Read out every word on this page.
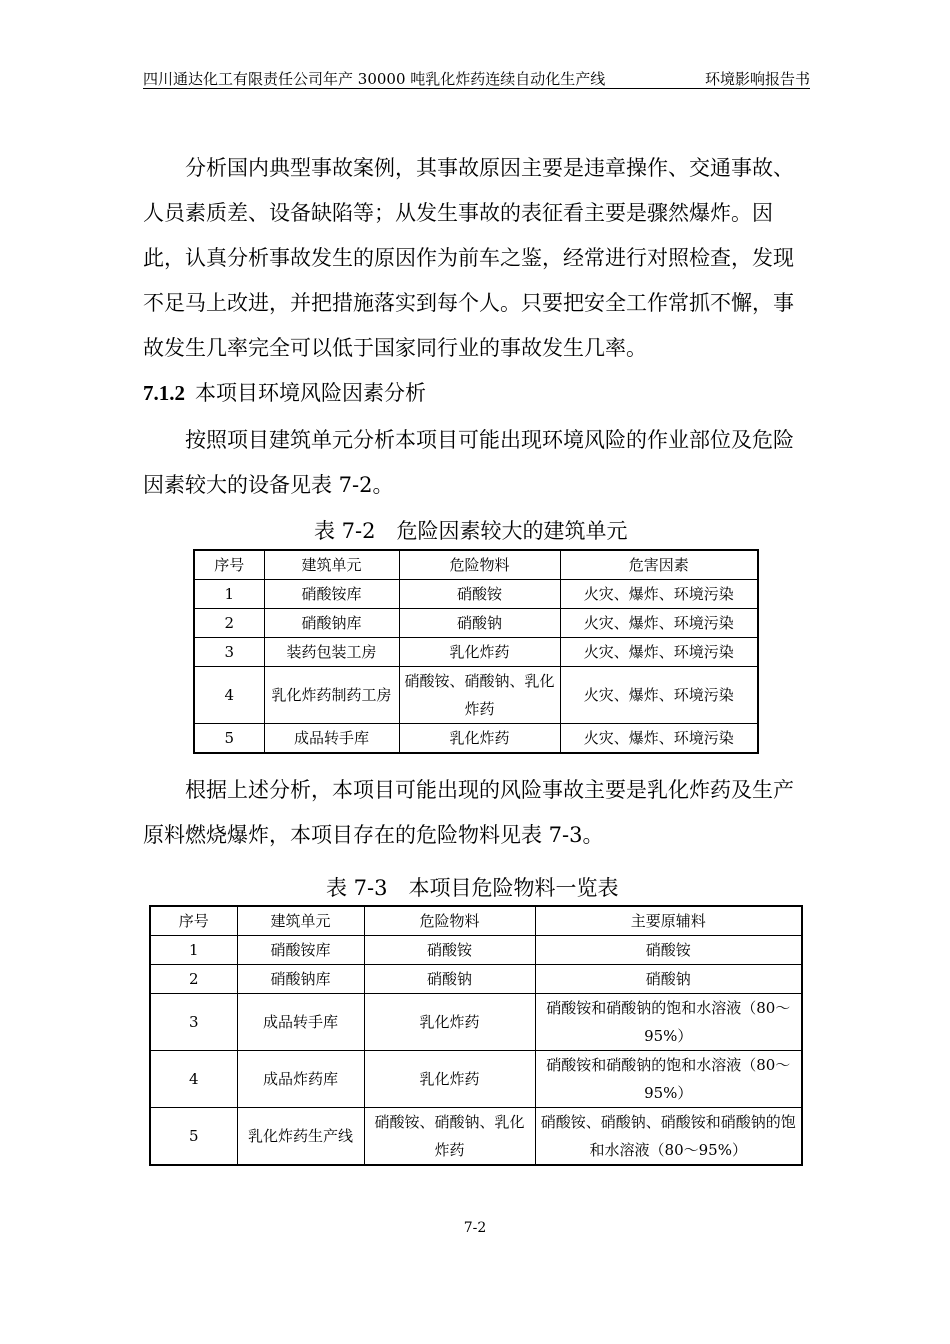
四川通达化工有限责任公司年产 30000 吨乳化炸药连续自动化生产线	环境影响报告书

分析国内典型事故案例，其事故原因主要是违章操作、交通事故、人员素质差、设备缺陷等；从发生事故的表征看主要是骤然爆炸。因此，认真分析事故发生的原因作为前车之鉴，经常进行对照检查，发现不足马上改进，并把措施落实到每个人。只要把安全工作常抓不懈，事故发生几率完全可以低于国家同行业的事故发生几率。

7.1.2 本项目环境风险因素分析

按照项目建筑单元分析本项目可能出现环境风险的作业部位及危险因素较大的设备见表 7-2。

表 7-2　危险因素较大的建筑单元
序号	建筑单元	危险物料	危害因素
1	硝酸铵库	硝酸铵	火灾、爆炸、环境污染
2	硝酸钠库	硝酸钠	火灾、爆炸、环境污染
3	装药包装工房	乳化炸药	火灾、爆炸、环境污染
4	乳化炸药制药工房	硝酸铵、硝酸钠、乳化炸药	火灾、爆炸、环境污染
5	成品转手库	乳化炸药	火灾、爆炸、环境污染

根据上述分析，本项目可能出现的风险事故主要是乳化炸药及生产原料燃烧爆炸，本项目存在的危险物料见表 7-3。

表 7-3　本项目危险物料一览表
序号	建筑单元	危险物料	主要原辅料
1	硝酸铵库	硝酸铵	硝酸铵
2	硝酸钠库	硝酸钠	硝酸钠
3	成品转手库	乳化炸药	硝酸铵和硝酸钠的饱和水溶液（80～95%）
4	成品炸药库	乳化炸药	硝酸铵和硝酸钠的饱和水溶液（80～95%）
5	乳化炸药生产线	硝酸铵、硝酸钠、乳化炸药	硝酸铵、硝酸钠、硝酸铵和硝酸钠的饱和水溶液（80～95%）
7-2
